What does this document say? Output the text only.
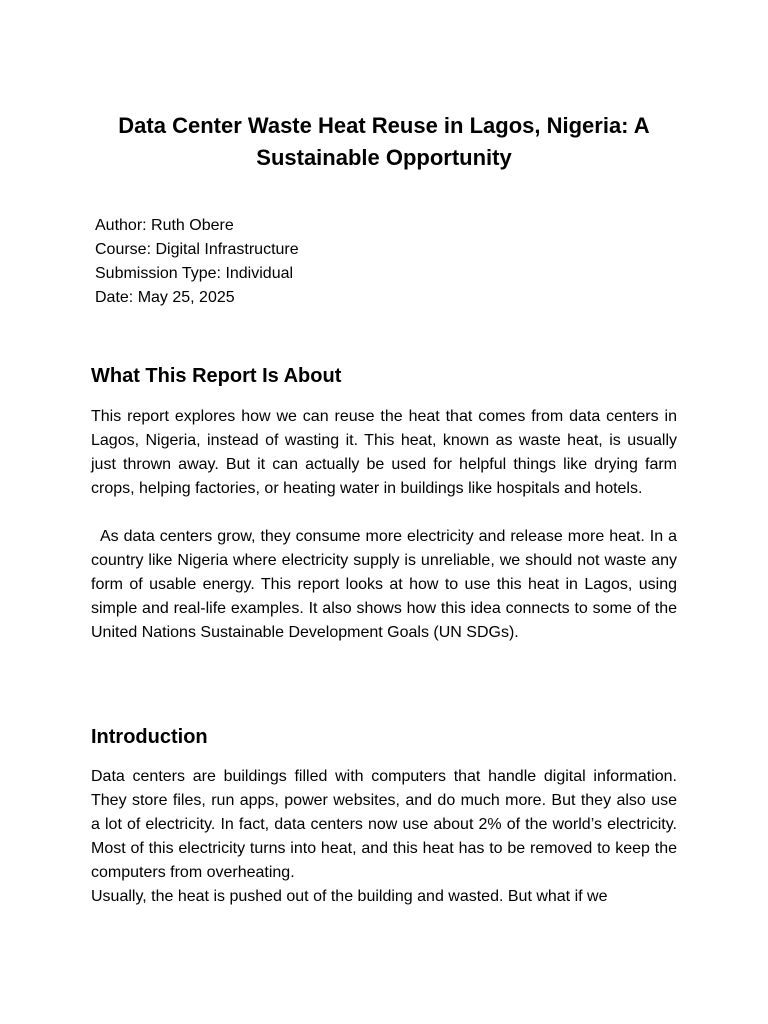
Data Center Waste Heat Reuse in Lagos, Nigeria: A Sustainable Opportunity
Author: Ruth Obere
Course: Digital Infrastructure
Submission Type: Individual
Date: May 25, 2025
What This Report Is About

This report explores how we can reuse the heat that comes from data centers in Lagos, Nigeria, instead of wasting it. This heat, known as waste heat, is usually just thrown away. But it can actually be used for helpful things like drying farm crops, helping factories, or heating water in buildings like hospitals and hotels.

As data centers grow, they consume more electricity and release more heat. In a country like Nigeria where electricity supply is unreliable, we should not waste any form of usable energy. This report looks at how to use this heat in Lagos, using simple and real-life examples. It also shows how this idea connects to some of the United Nations Sustainable Development Goals (UN SDGs).

Introduction

Data centers are buildings filled with computers that handle digital information. They store files, run apps, power websites, and do much more. But they also use a lot of electricity. In fact, data centers now use about 2% of the world’s electricity. Most of this electricity turns into heat, and this heat has to be removed to keep the computers from overheating.

Usually, the heat is pushed out of the building and wasted. But what if we
